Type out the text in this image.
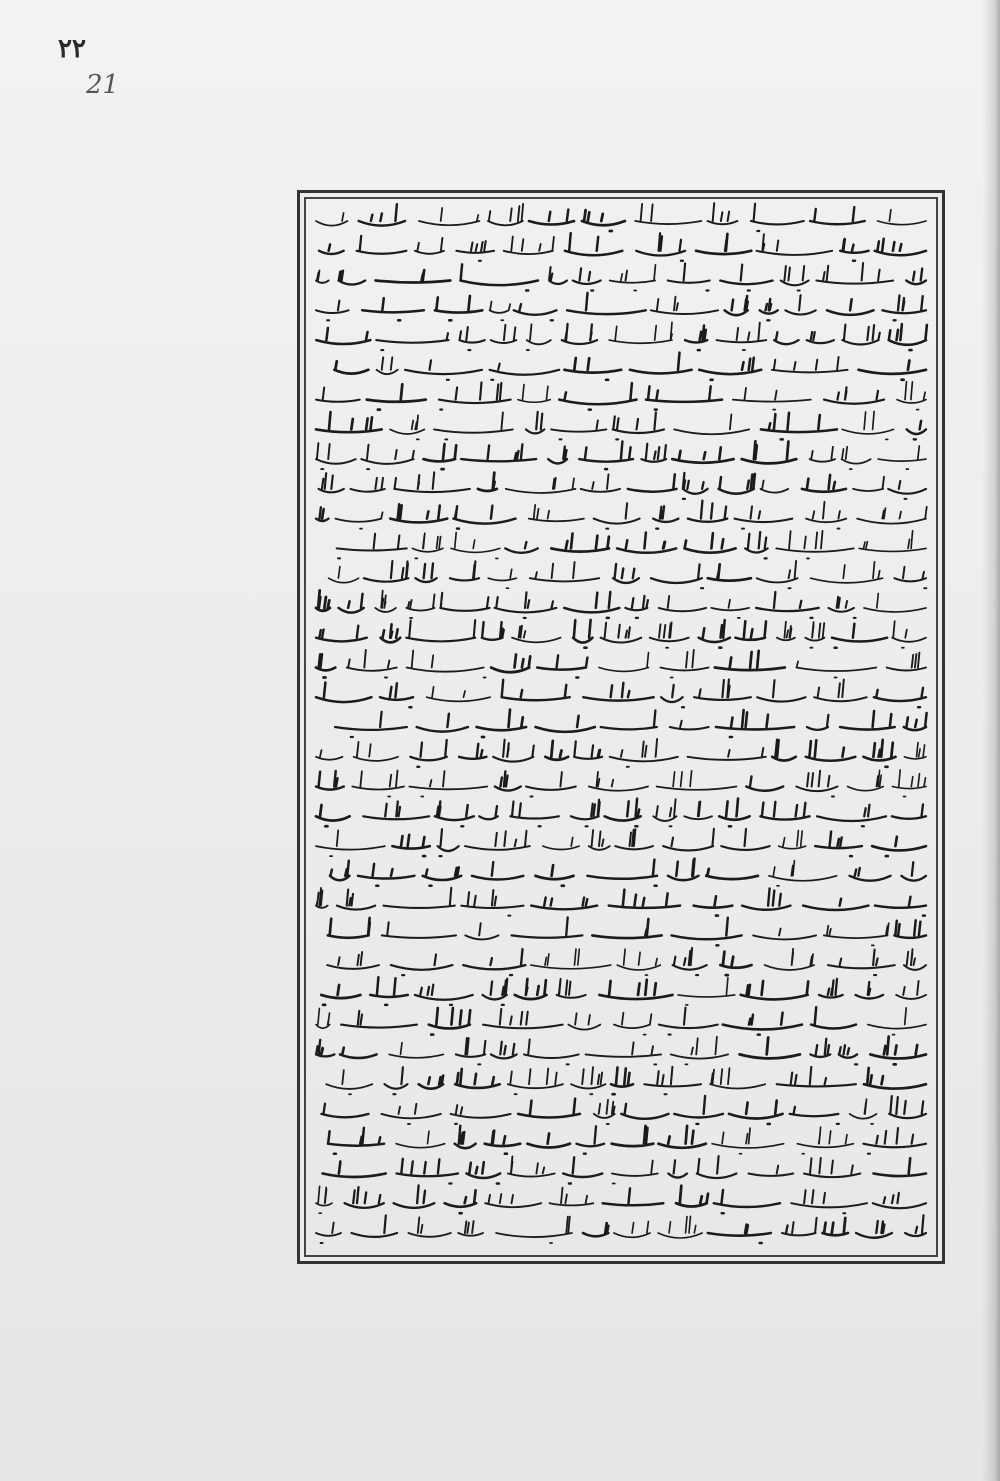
٢٢
21
